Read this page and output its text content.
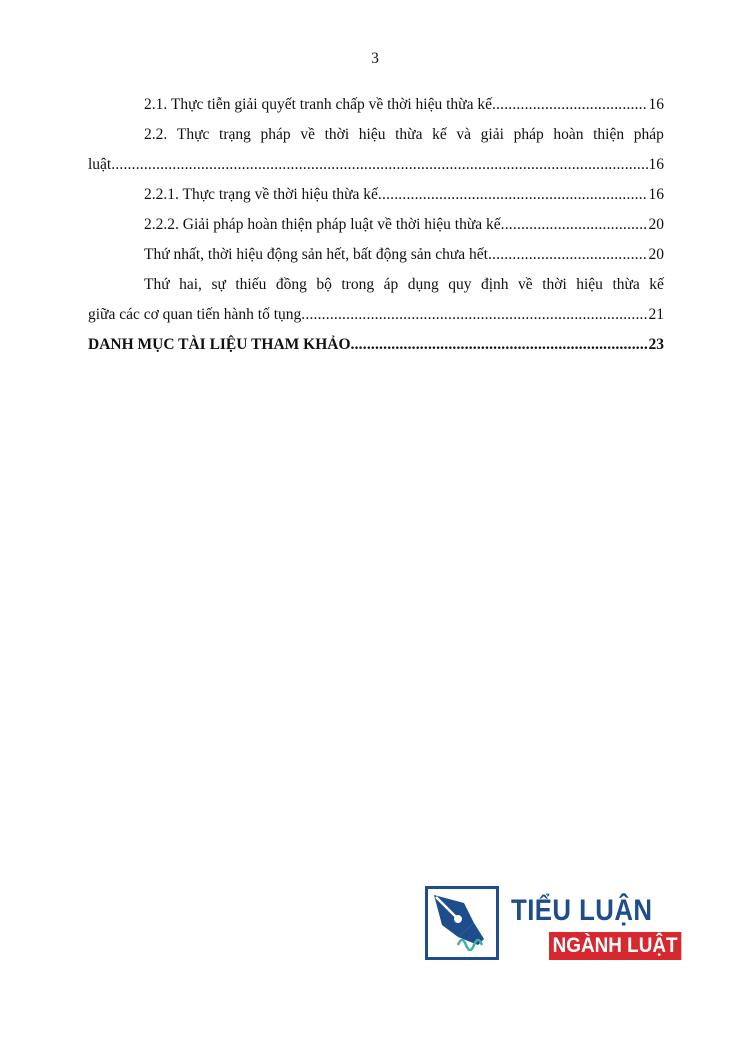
3
2.1. Thực tiễn giải quyết tranh chấp về thời hiệu thừa kế .....	16
2.2. Thực trạng pháp về thời hiệu thừa kế và giải pháp hoàn thiện pháp
luật .....	16
2.2.1. Thực trạng về thời hiệu thừa kế .....	16
2.2.2. Giải pháp hoàn thiện pháp luật về thời hiệu thừa kế .....	20
Thứ nhất, thời hiệu động sản hết, bất động sản chưa hết .....	20
Thứ hai, sự thiếu đồng bộ trong áp dụng quy định về thời hiệu thừa kế
giữa các cơ quan tiến hành tố tụng .....	21
DANH MỤC TÀI LIỆU THAM KHẢO .....	23
TIỂU LUẬN
NGÀNH LUẬT
